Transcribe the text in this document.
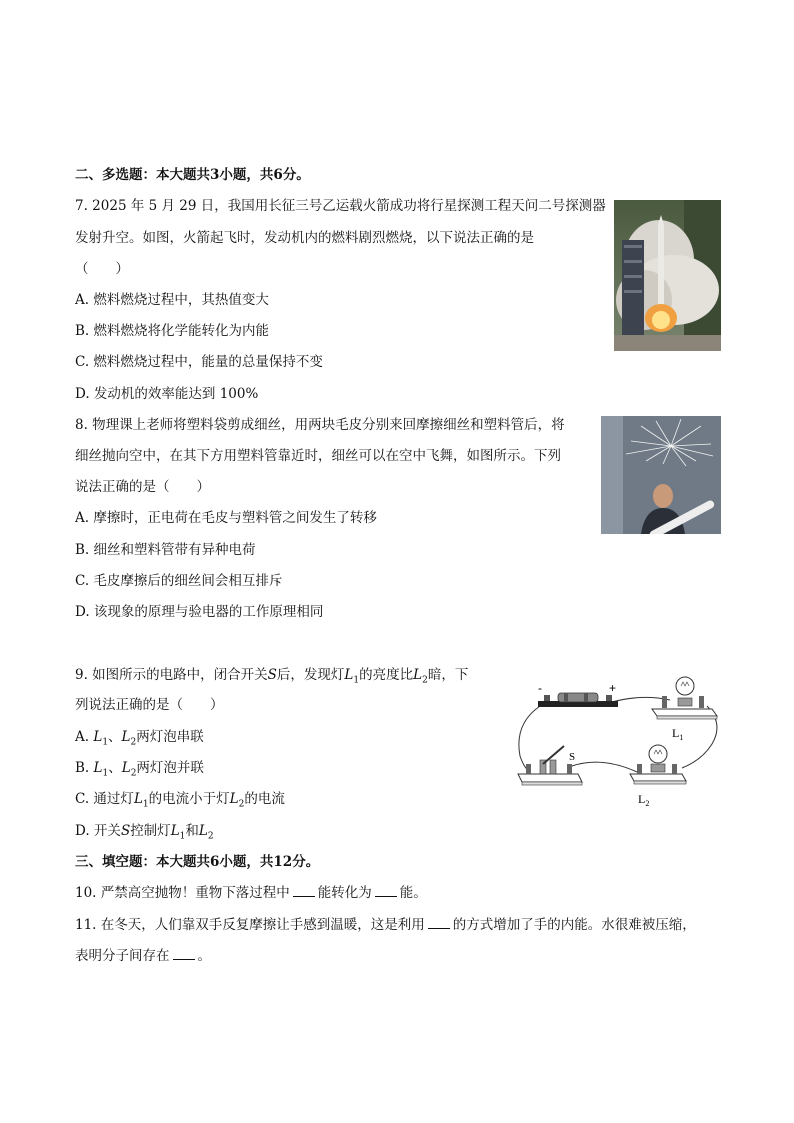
二、多选题：本大题共3小题，共6分。
7. 2025 年 5 月 29 日，我国用长征三号乙运载火箭成功将行星探测工程天问二号探测器
发射升空。如图，火箭起飞时，发动机内的燃料剧烈燃烧，以下说法正确的是
（　　）
A. 燃料燃烧过程中，其热值变大
B. 燃料燃烧将化学能转化为内能
C. 燃料燃烧过程中，能量的总量保持不变
D. 发动机的效率能达到 100%
8. 物理课上老师将塑料袋剪成细丝，用两块毛皮分别来回摩擦细丝和塑料管后，将
细丝抛向空中，在其下方用塑料管靠近时，细丝可以在空中飞舞，如图所示。下列
说法正确的是（　　）
A. 摩擦时，正电荷在毛皮与塑料管之间发生了转移
B. 细丝和塑料管带有异种电荷
C. 毛皮摩擦后的细丝间会相互排斥
D. 该现象的原理与验电器的工作原理相同
9. 如图所示的电路中，闭合开关S后，发现灯$L_1$的亮度比$L_2$暗，下
列说法正确的是（　　）
A. $L_1$、$L_2$两灯泡串联
B. $L_1$、$L_2$两灯泡并联
C. 通过灯$L_1$的电流小于灯$L_2$的电流
D. 开关S控制灯$L_1$和$L_2$
-	+
$L_1$
S
$L_2$
三、填空题：本大题共6小题，共12分。
10. 严禁高空抛物！重物下落过程中 能转化为 能。
11. 在冬天，人们靠双手反复摩擦让手感到温暖，这是利用 的方式增加了手的内能。水很难被压缩，
表明分子间存在 。
